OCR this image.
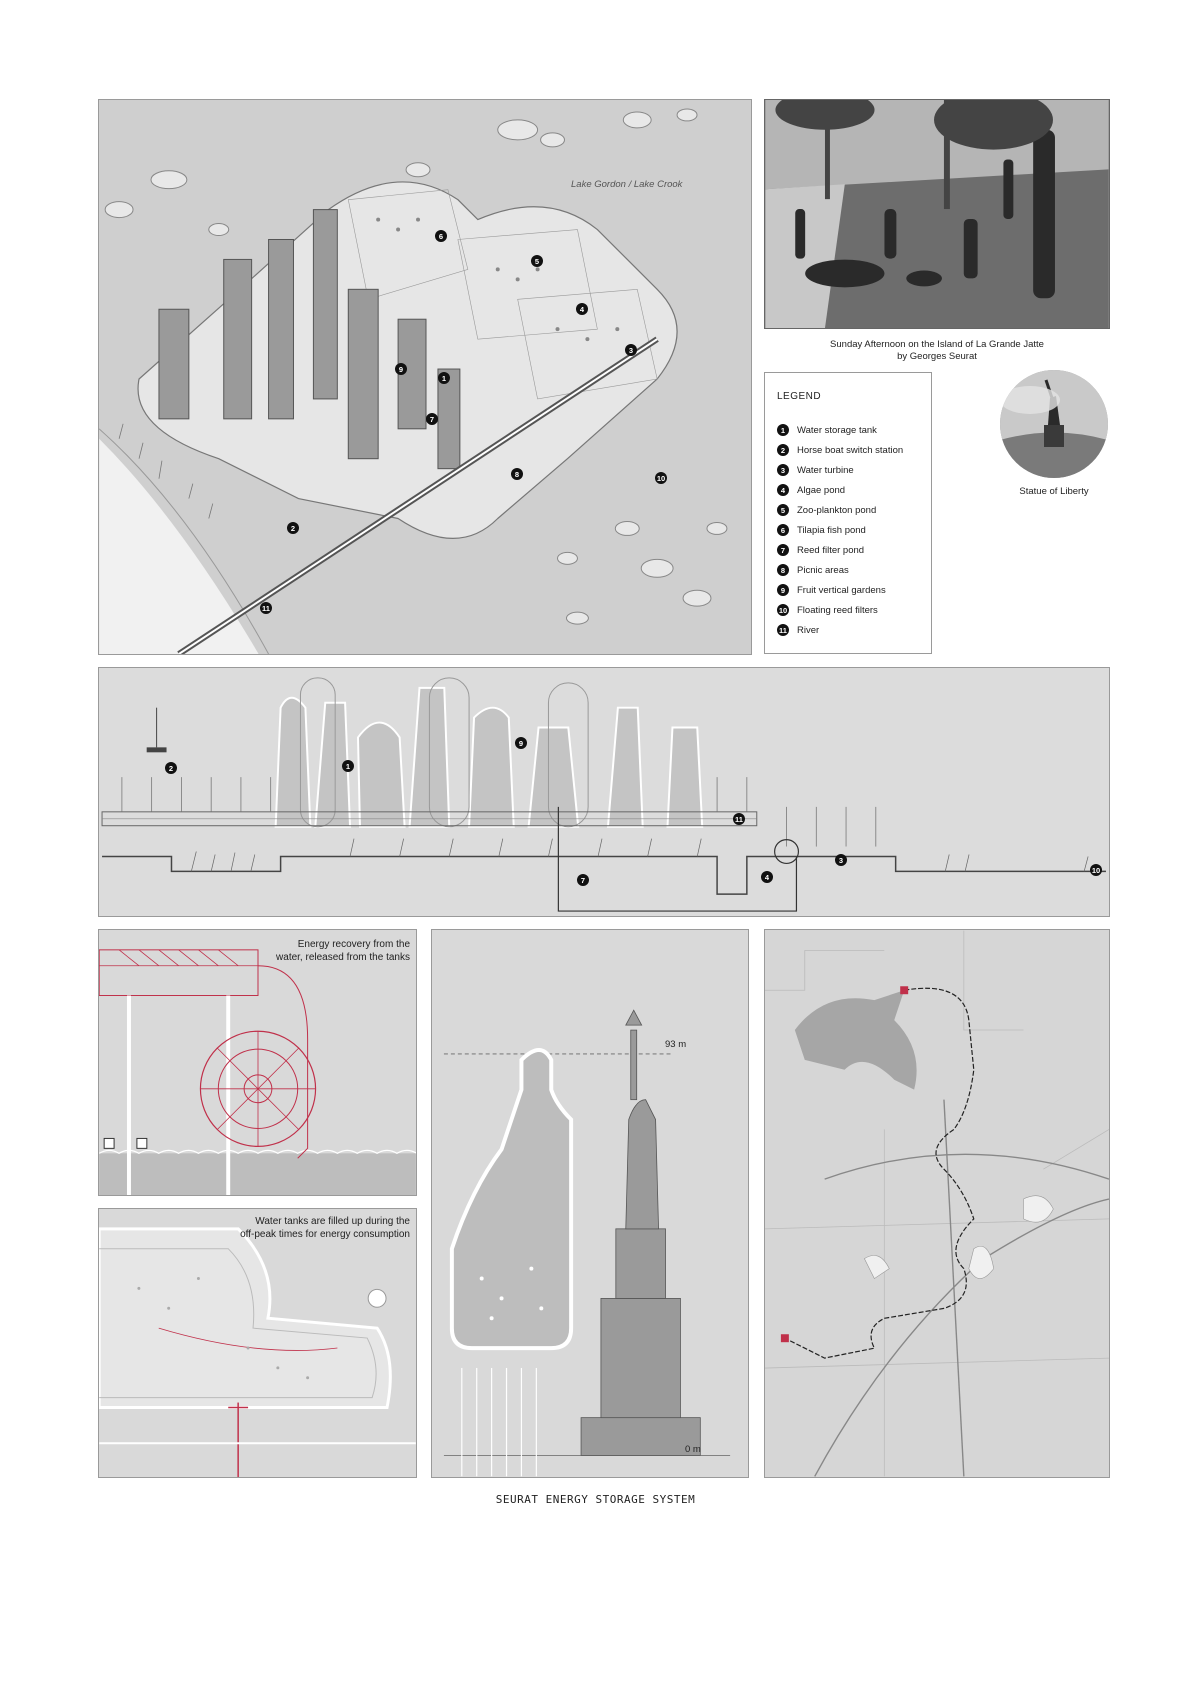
Lake Gordon / Lake Crook
6
5
4
3
9
1
7
10
8
2
11
Sunday Afternoon on the Island of La Grande Jatte
by Georges Seurat
LEGEND
1	Water storage tank
2	Horse boat switch station
3	Water turbine
4	Algae pond
5	Zoo-plankton pond
6	Tilapia fish pond
7	Reed filter pond
8	Picnic areas
9	Fruit vertical gardens
10 Floating reed filters
11 River
Statue of Liberty
2	1
9
11
3
4
7
10
Energy recovery from the
water, released from the tanks
Water tanks are filled up during the
off-peak times for energy consumption
93 m
0 m
SEURAT ENERGY STORAGE SYSTEM
